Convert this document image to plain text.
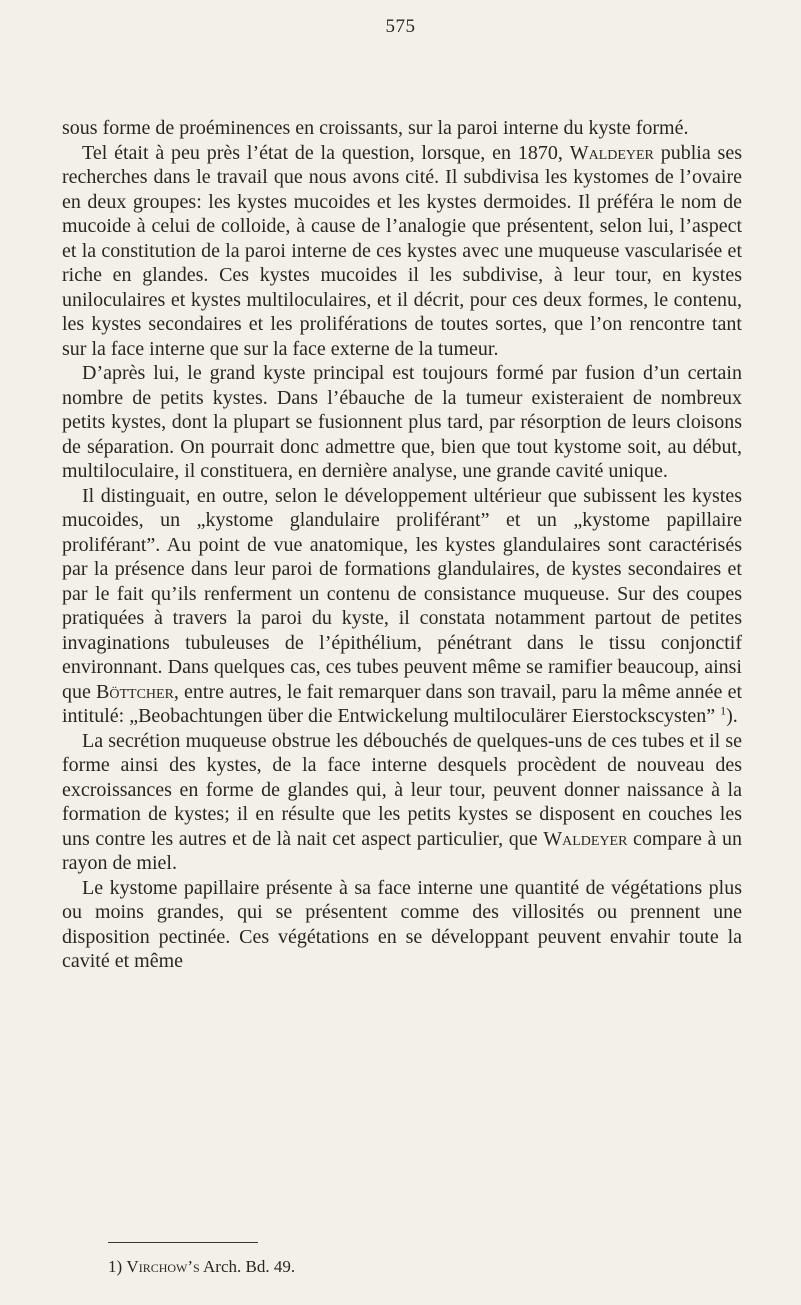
575

sous forme de proéminences en croissants, sur la paroi interne du kyste formé.

Tel était à peu près l’état de la question, lorsque, en 1870, Waldeyer publia ses recherches dans le travail que nous avons cité. Il subdivisa les kystomes de l’ovaire en deux groupes: les kystes mucoides et les kystes dermoides. Il préféra le nom de mucoide à celui de colloide, à cause de l’analogie que présentent, selon lui, l’aspect et la constitution de la paroi interne de ces kystes avec une muqueuse vascularisée et riche en glandes. Ces kystes mucoides il les subdivise, à leur tour, en kystes uniloculaires et kystes multiloculaires, et il décrit, pour ces deux formes, le contenu, les kystes secondaires et les proliférations de toutes sortes, que l’on rencontre tant sur la face interne que sur la face externe de la tumeur.

D’après lui, le grand kyste principal est toujours formé par fusion d’un certain nombre de petits kystes. Dans l’ébauche de la tumeur existeraient de nombreux petits kystes, dont la plupart se fusionnent plus tard, par résorption de leurs cloisons de séparation. On pourrait donc admettre que, bien que tout kystome soit, au début, multiloculaire, il constituera, en dernière analyse, une grande cavité unique.

Il distinguait, en outre, selon le développement ultérieur que subissent les kystes mucoides, un „kystome glandulaire proliférant” et un „kystome papillaire proliférant”. Au point de vue anatomique, les kystes glandulaires sont caractérisés par la présence dans leur paroi de formations glandulaires, de kystes secondaires et par le fait qu’ils renferment un contenu de consistance muqueuse. Sur des coupes pratiquées à travers la paroi du kyste, il constata notamment partout de petites invaginations tubuleuses de l’épithélium, pénétrant dans le tissu conjonctif environnant. Dans quelques cas, ces tubes peuvent même se ramifier beaucoup, ainsi que Böttcher, entre autres, le fait remarquer dans son travail, paru la même année et intitulé: „Beobachtungen über die Entwickelung multiloculärer Eierstockscysten” $^1$).

La secrétion muqueuse obstrue les débouchés de quelques-uns de ces tubes et il se forme ainsi des kystes, de la face interne desquels procèdent de nouveau des excroissances en forme de glandes qui, à leur tour, peuvent donner naissance à la formation de kystes; il en résulte que les petits kystes se disposent en couches les uns contre les autres et de là nait cet aspect particulier, que Waldeyer compare à un rayon de miel.

Le kystome papillaire présente à sa face interne une quantité de végétations plus ou moins grandes, qui se présentent comme des villosités ou prennent une disposition pectinée. Ces végétations en se développant peuvent envahir toute la cavité et même

1) Virchow’s Arch. Bd. 49.
